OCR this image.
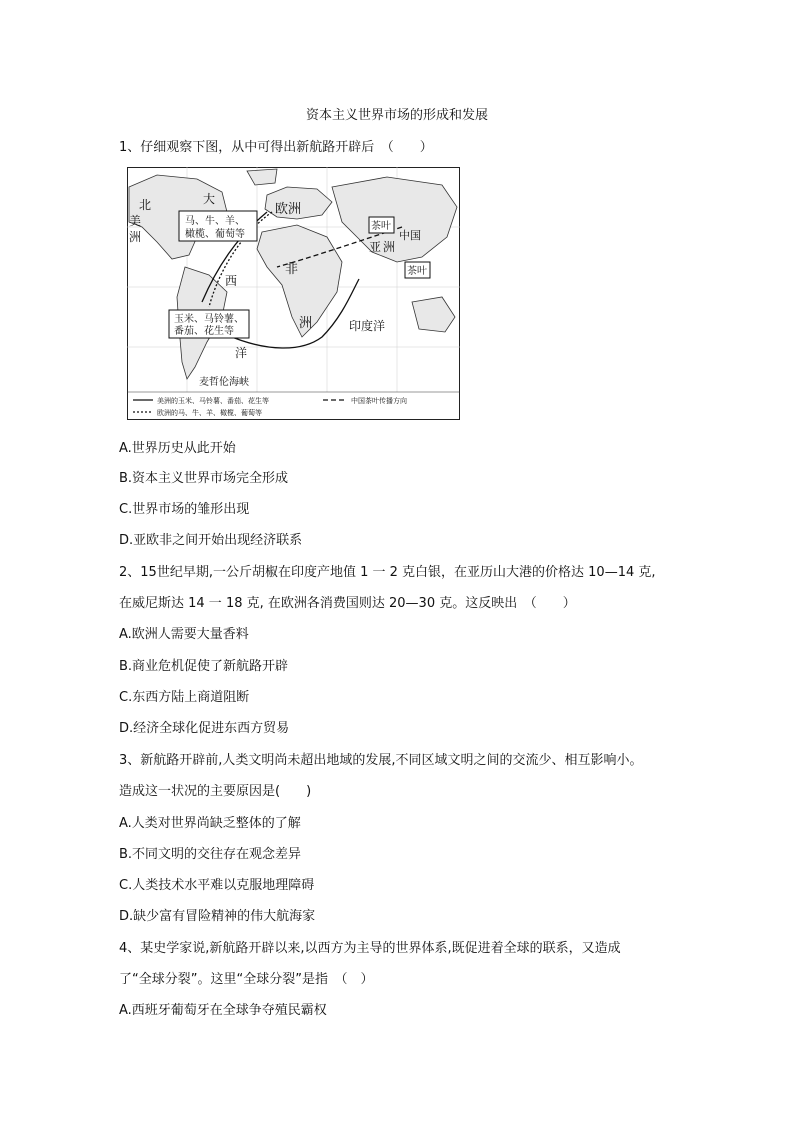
资本主义世界市场的形成和发展
1、仔细观察下图，从中可得出新航路开辟后　（　　）
马、牛、羊、
橄榄、葡萄等
玉米、马铃薯、
番茄、花生等
茶叶
茶叶
北
美
洲
欧洲
非
洲
亚 洲
中国
印度洋
大
西
洋
麦哲伦海峡
美洲的玉米、马铃薯、番茄、花生等
欧洲的马、牛、羊、橄榄、葡萄等
中国茶叶传播方向
A.世界历史从此开始
B.资本主义世界市场完全形成
C.世界市场的雏形出现
D.亚欧非之间开始出现经济联系
2、15世纪早期,一公斤胡椒在印度产地值 1 一 2 克白银，在亚历山大港的价格达 10—14 克,
在威尼斯达 14 一 18 克, 在欧洲各消费国则达 20—30 克。这反映出　（　　）
A.欧洲人需要大量香料
B.商业危机促使了新航路开辟
C.东西方陆上商道阻断
D.经济全球化促进东西方贸易
3、新航路开辟前,人类文明尚未超出地域的发展,不同区域文明之间的交流少、相互影响小。
造成这一状况的主要原因是(　　)
A.人类对世界尚缺乏整体的了解
B.不同文明的交往存在观念差异
C.人类技术水平难以克服地理障碍
D.缺少富有冒险精神的伟大航海家
4、某史学家说,新航路开辟以来,以西方为主导的世界体系,既促进着全球的联系，又造成
了“全球分裂”。这里“全球分裂”是指　（　）
A.西班牙葡萄牙在全球争夺殖民霸权
